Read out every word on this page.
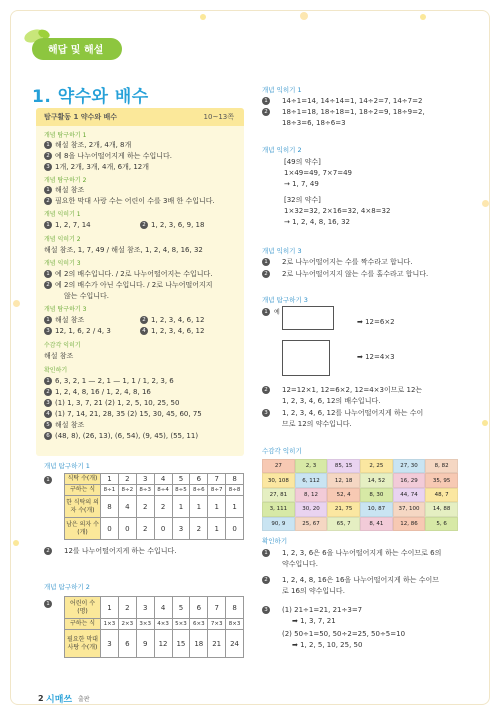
해답 및 해설
1. 약수와 배수
탐구활동 1 약수와 배수	10~13쪽
개념 탐구하기 1
1 해설 참조, 2개, 4개, 8개
2 예 8을 나누어떨어지게 하는 수입니다.
3 1개, 2개, 3개, 4개, 6개, 12개
개념 탐구하기 2
1 해설 참조
2 필요한 막대 사랑 수는 어린이 수를 3배 한 수입니다.
개념 익히기 1
1 1, 2, 7, 14	2 1, 2, 3, 6, 9, 18
개념 익히기 2
해설 참조, 1, 7, 49 / 해설 참조, 1, 2, 4, 8, 16, 32
개념 익히기 3
1 예 2의 배수입니다. / 2로 나누어떨어지는 수입니다.
2 예 2의 배수가 아닌 수입니다. / 2로 나누어떨어지지
않는 수입니다.
개념 탐구하기 3
1 해설 참조	2 1, 2, 3, 4, 6, 12
3 12, 1, 6, 2 / 4, 3	4 1, 2, 3, 4, 6, 12
수감각 익히기
해설 참조
확인하기
1 6, 3, 2, 1 — 2, 1 — 1, 1 / 1, 2, 3, 6
2 1, 2, 4, 8, 16 / 1, 2, 4, 8, 16
3 (1) 1, 3, 7, 21 (2) 1, 2, 5, 10, 25, 50
4 (1) 7, 14, 21, 28, 35 (2) 15, 30, 45, 60, 75
5 해설 참조
6 (48, 8), (26, 13), (6, 54), (9, 45), (55, 11)
개념 탐구하기 1
1	식탁 수(개)	1	2	3	4	5	6	7	8
구하는 식	8÷1	8÷2	8÷3	8÷4	8÷5	8÷6	8÷7	8÷8
한 식탁의 의자 수(개)	8	4	2	2	1	1	1	1
남은 의자 수(개)	0	0	2	0	3	2	1	0
2	12를 나누어떨어지게 하는 수입니다.
개념 탐구하기 2
1	어린이 수(명)	1	2	3	4	5	6	7	8
구하는 식	1×3	2×3	3×3	4×3	5×3	6×3	7×3	8×3
필요한 막대 사탕 수(개)	3	6	9	12	15	18	21	24
개념 익히기 1
1	14÷1=14, 14÷14=1, 14÷2=7, 14÷7=2
2	18÷1=18, 18÷18=1, 18÷2=9, 18÷9=2,
18÷3=6, 18÷6=3
개념 익히기 2
[49의 약수]
1×49=49, 7×7=49
→ 1, 7, 49
[32의 약수]
1×32=32, 2×16=32, 4×8=32
→ 1, 2, 4, 8, 16, 32
개념 익히기 3
1	2로 나누어떨어지는 수를 짝수라고 합니다.
2	2로 나누어떨어지지 않는 수를 홀수라고 합니다.
개념 탐구하기 3
1	예
➡ 12=6×2
➡ 12=4×3
2	12=12×1, 12=6×2, 12=4×3이므로 12는
1, 2, 3, 4, 6, 12의 배수입니다.
3	1, 2, 3, 4, 6, 12를 나누어떨어지게 하는 수이
므로 12의 약수입니다.
수감각 익히기
27	2, 3	85, 15	2, 25	27, 30	8, 82
30, 108	6, 112	12, 18	14, 52	16, 29	35, 95
27, 81	8, 12	52, 4	8, 30	44, 74	48, 7
3, 111	30, 20	21, 75	10, 87	37, 100	14, 88
90, 9	25, 67	65, 7	8, 41	12, 86	5, 6
확인하기
1	1, 2, 3, 6은 6을 나누어떨어지게 하는 수이므로 6의
약수입니다.
2	1, 2, 4, 8, 16은 16을 나누어떨어지게 하는 수이므
로 16의 약수입니다.
3	(1) 21÷1=21, 21÷3=7
➡ 1, 3, 7, 21
(2) 50÷1=50, 50÷2=25, 50÷5=10
➡ 1, 2, 5, 10, 25, 50
2 시매쓰 출판
